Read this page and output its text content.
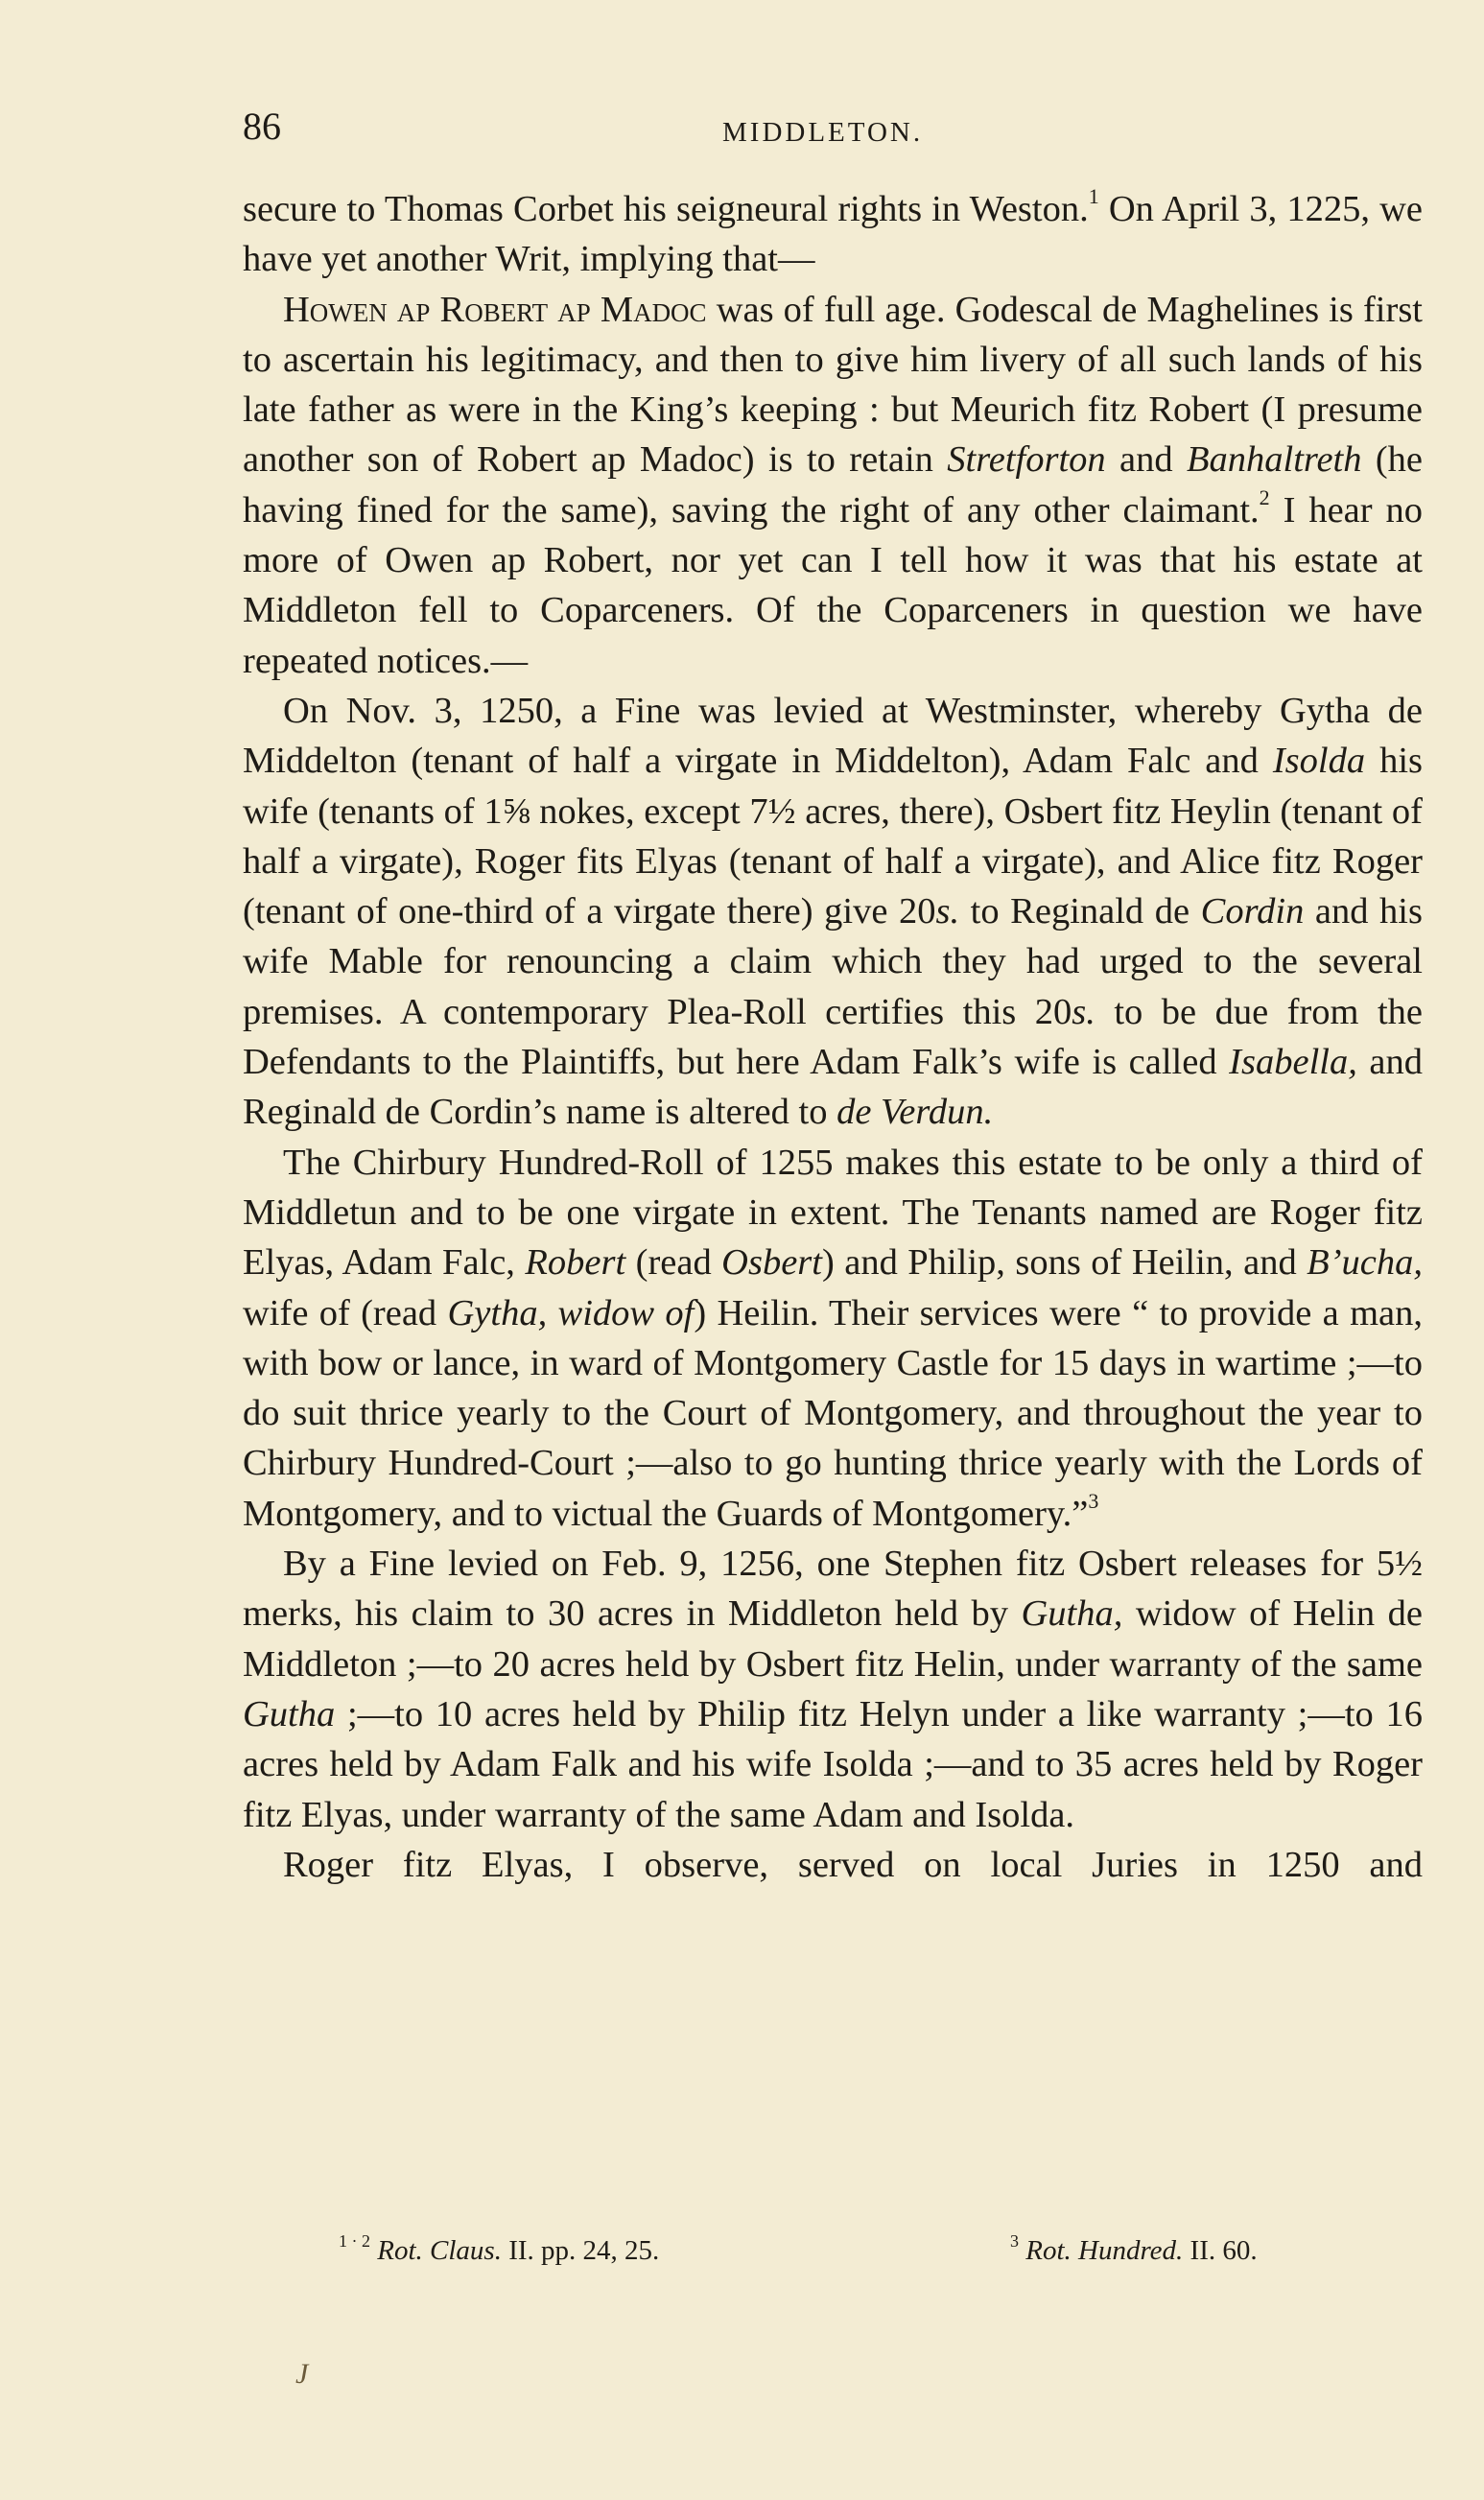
86	MIDDLETON.

secure to Thomas Corbet his seigneural rights in Weston.$^1$ On April 3, 1225, we have yet another Writ, implying that—

Howen ap Robert ap Madoc was of full age. Godescal de Maghelines is first to ascertain his legitimacy, and then to give him livery of all such lands of his late father as were in the King’s keeping : but Meurich fitz Robert (I presume another son of Robert ap Madoc) is to retain Stretforton and Banhaltreth (he having fined for the same), saving the right of any other claimant.$^2$ I hear no more of Owen ap Robert, nor yet can I tell how it was that his estate at Middleton fell to Coparceners. Of the Coparceners in question we have repeated notices.—

On Nov. 3, 1250, a Fine was levied at Westminster, whereby Gytha de Middelton (tenant of half a virgate in Middelton), Adam Falc and Isolda his wife (tenants of 1⅝ nokes, except 7½ acres, there), Osbert fitz Heylin (tenant of half a virgate), Roger fits Elyas (tenant of half a virgate), and Alice fitz Roger (tenant of one-third of a virgate there) give 20s. to Reginald de Cordin and his wife Mable for renouncing a claim which they had urged to the several premises. A contemporary Plea-Roll certifies this 20s. to be due from the Defendants to the Plaintiffs, but here Adam Falk’s wife is called Isabella, and Reginald de Cordin’s name is altered to de Verdun.

The Chirbury Hundred-Roll of 1255 makes this estate to be only a third of Middletun and to be one virgate in extent. The Tenants named are Roger fitz Elyas, Adam Falc, Robert (read Osbert) and Philip, sons of Heilin, and B’ucha, wife of (read Gytha, widow of) Heilin. Their services were “ to provide a man, with bow or lance, in ward of Montgomery Castle for 15 days in wartime ;—to do suit thrice yearly to the Court of Montgomery, and throughout the year to Chirbury Hundred-Court ;—also to go hunting thrice yearly with the Lords of Montgomery, and to victual the Guards of Montgomery.”$^3$

By a Fine levied on Feb. 9, 1256, one Stephen fitz Osbert releases for 5½ merks, his claim to 30 acres in Middleton held by Gutha, widow of Helin de Middleton ;—to 20 acres held by Osbert fitz Helin, under warranty of the same Gutha ;—to 10 acres held by Philip fitz Helyn under a like warranty ;—to 16 acres held by Adam Falk and his wife Isolda ;—and to 35 acres held by Roger fitz Elyas, under warranty of the same Adam and Isolda.

Roger fitz Elyas, I observe, served on local Juries in 1250 and

$^{1 \cdot 2}$ Rot. Claus. II. pp. 24, 25.	$^3$ Rot. Hundred. II. 60.
J
